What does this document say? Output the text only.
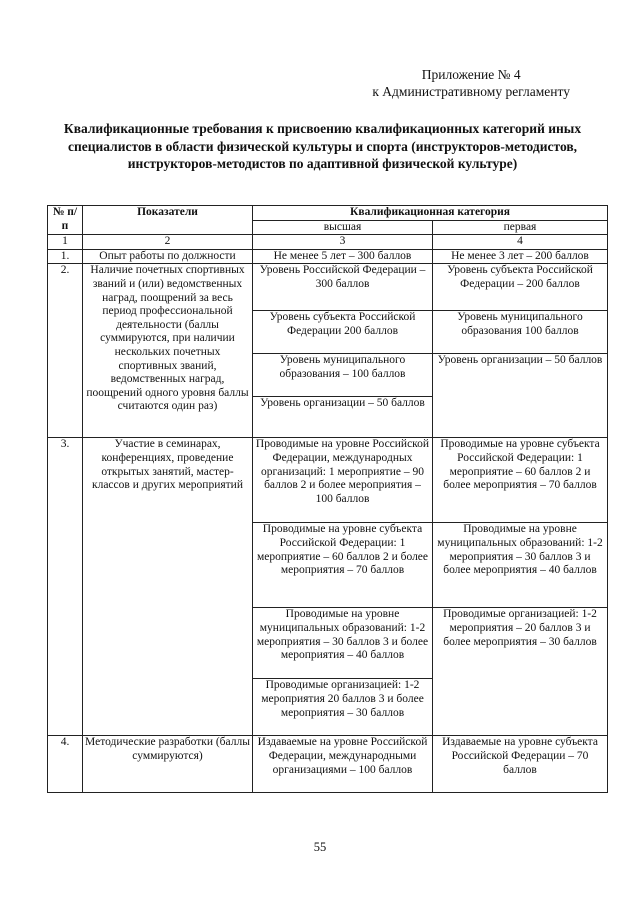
Приложение № 4
к Административному регламенту
Квалификационные требования к присвоению квалификационных категорий иных специалистов в области физической культуры и спорта (инструкторов-методистов, инструкторов-методистов по адаптивной физической культуре)
№ п/п	Показатели	Квалификационная категория	
		высшая	первая
1	2	3	4
1.	Опыт работы по должности	Не менее 5 лет – 300 баллов	Не менее 3 лет – 200 баллов
2.	Наличие почетных спортивных званий и (или) ведомственных наград, поощрений за весь период профессиональной деятельности (баллы суммируются, при наличии нескольких почетных спортивных званий, ведомственных наград, поощрений одного уровня баллы считаются один раз)	Уровень Российской Федерации – 300 баллов	Уровень субъекта Российской Федерации – 200 баллов
		Уровень субъекта Российской Федерации 200 баллов	Уровень муниципального образования 100 баллов
		Уровень муниципального образования – 100 баллов	Уровень организации – 50 баллов
		Уровень организации – 50 баллов	
3.	Участие в семинарах, конференциях, проведение открытых занятий, мастер-классов и других мероприятий	Проводимые на уровне Российской Федерации, международных организаций: 1 мероприятие – 90 баллов 2 и более мероприятия – 100 баллов	Проводимые на уровне субъекта Российской Федерации: 1 мероприятие – 60 баллов 2 и более мероприятия – 70 баллов
		Проводимые на уровне субъекта Российской Федерации: 1 мероприятие – 60 баллов 2 и более мероприятия – 70 баллов	Проводимые на уровне муниципальных образований: 1-2 мероприятия – 30 баллов 3 и более мероприятия – 40 баллов
		Проводимые на уровне муниципальных образований: 1-2 мероприятия – 30 баллов 3 и более мероприятия – 40 баллов	Проводимые организацией: 1-2 мероприятия – 20 баллов 3 и более мероприятия – 30 баллов
		Проводимые организацией: 1-2 мероприятия 20 баллов 3 и более мероприятия – 30 баллов	
4.	Методические разработки (баллы суммируются)	Издаваемые на уровне Российской Федерации, международными организациями – 100 баллов	Издаваемые на уровне субъекта Российской Федерации – 70 баллов
55
